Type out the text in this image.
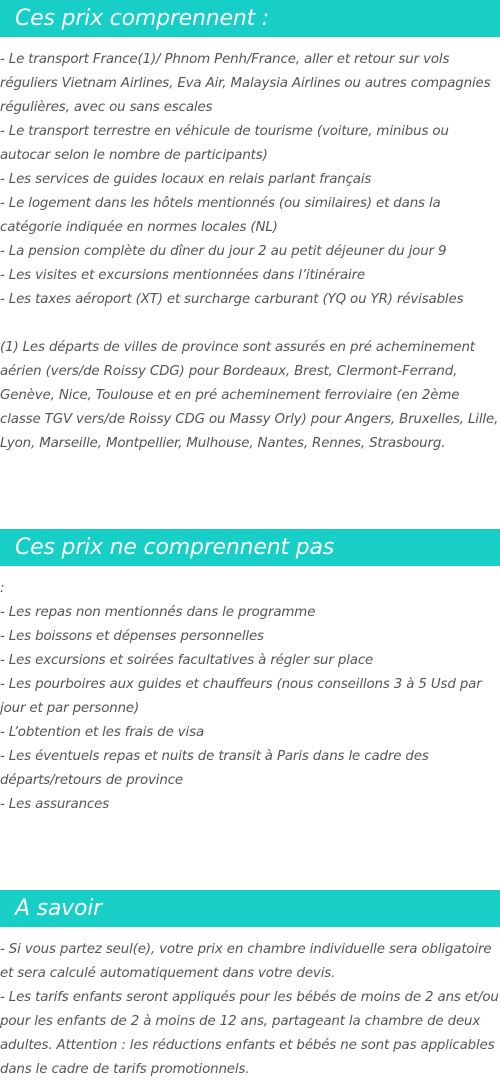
Ces prix comprennent :
- Le transport France(1)/ Phnom Penh/France, aller et retour sur vols réguliers Vietnam Airlines, Eva Air, Malaysia Airlines ou autres compagnies régulières, avec ou sans escales
- Le transport terrestre en véhicule de tourisme (voiture, minibus ou autocar selon le nombre de participants)
- Les services de guides locaux en relais parlant français
- Le logement dans les hôtels mentionnés (ou similaires) et dans la catégorie indiquée en normes locales (NL)
- La pension complète du dîner du jour 2 au petit déjeuner du jour 9
- Les visites et excursions mentionnées dans l’itinéraire
- Les taxes aéroport (XT) et surcharge carburant (YQ ou YR) révisables
(1) Les départs de villes de province sont assurés en pré acheminement aérien (vers/de Roissy CDG) pour Bordeaux, Brest, Clermont-Ferrand, Genève, Nice, Toulouse et en pré acheminement ferroviaire (en 2ème classe TGV vers/de Roissy CDG ou Massy Orly) pour Angers, Bruxelles, Lille, Lyon, Marseille, Montpellier, Mulhouse, Nantes, Rennes, Strasbourg.
Ces prix ne comprennent pas
:
- Les repas non mentionnés dans le programme
- Les boissons et dépenses personnelles
- Les excursions et soirées facultatives à régler sur place
- Les pourboires aux guides et chauffeurs (nous conseillons 3 à 5 Usd par jour et par personne)
- L’obtention et les frais de visa
- Les éventuels repas et nuits de transit à Paris dans le cadre des départs/retours de province
- Les assurances
A savoir
- Si vous partez seul(e), votre prix en chambre individuelle sera obligatoire et sera calculé automatiquement dans votre devis.
- Les tarifs enfants seront appliqués pour les bébés de moins de 2 ans et/ou pour les enfants de 2 à moins de 12 ans, partageant la chambre de deux adultes. Attention : les réductions enfants et bébés ne sont pas applicables dans le cadre de tarifs promotionnels.
